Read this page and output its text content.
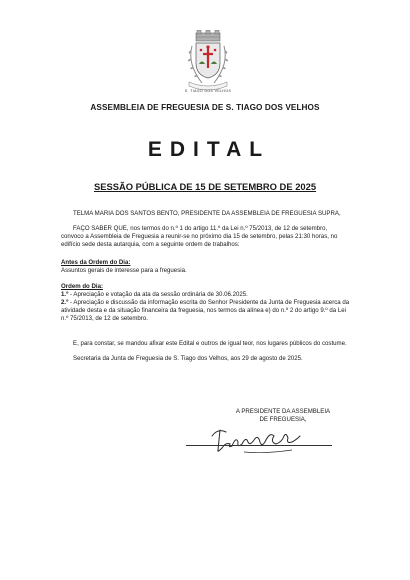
S. TIAGO DOS VELHOS
ASSEMBLEIA DE FREGUESIA DE S. TIAGO DOS VELHOS
EDITAL
SESSÃO PÚBLICA DE 15 DE SETEMBRO DE 2025

TELMA MARIA DOS SANTOS BENTO, PRESIDENTE DA ASSEMBLEIA DE FREGUESIA SUPRA,

FAÇO SABER QUE, nos termos do n.º 1 do artigo 11.º da Lei n.º 75/2013, de 12 de setembro, convoco a Assembleia de Freguesia a reunir-se no próximo dia 15 de setembro, pelas 21:30 horas, no edifício sede desta autarquia, com a seguinte ordem de trabalhos:

Antes da Ordem do Dia:

Assuntos gerais de interesse para a freguesia.

Ordem do Dia:

1.º - Apreciação e votação da ata da sessão ordinária de 30.06.2025.

2.º - Apreciação e discussão da informação escrita do Senhor Presidente da Junta de Freguesia acerca da atividade desta e da situação financeira da freguesia, nos termos da alínea e) do n.º 2 do artigo 9.º da Lei n.º 75/2013, de 12 de setembro.

E, para constar, se mandou afixar este Edital e outros de igual teor, nos lugares públicos do costume.

Secretaria da Junta de Freguesia de S. Tiago dos Velhos, aos 29 de agosto de 2025.

A PRESIDENTE DA ASSEMBLEIA
DE FREGUESIA,
